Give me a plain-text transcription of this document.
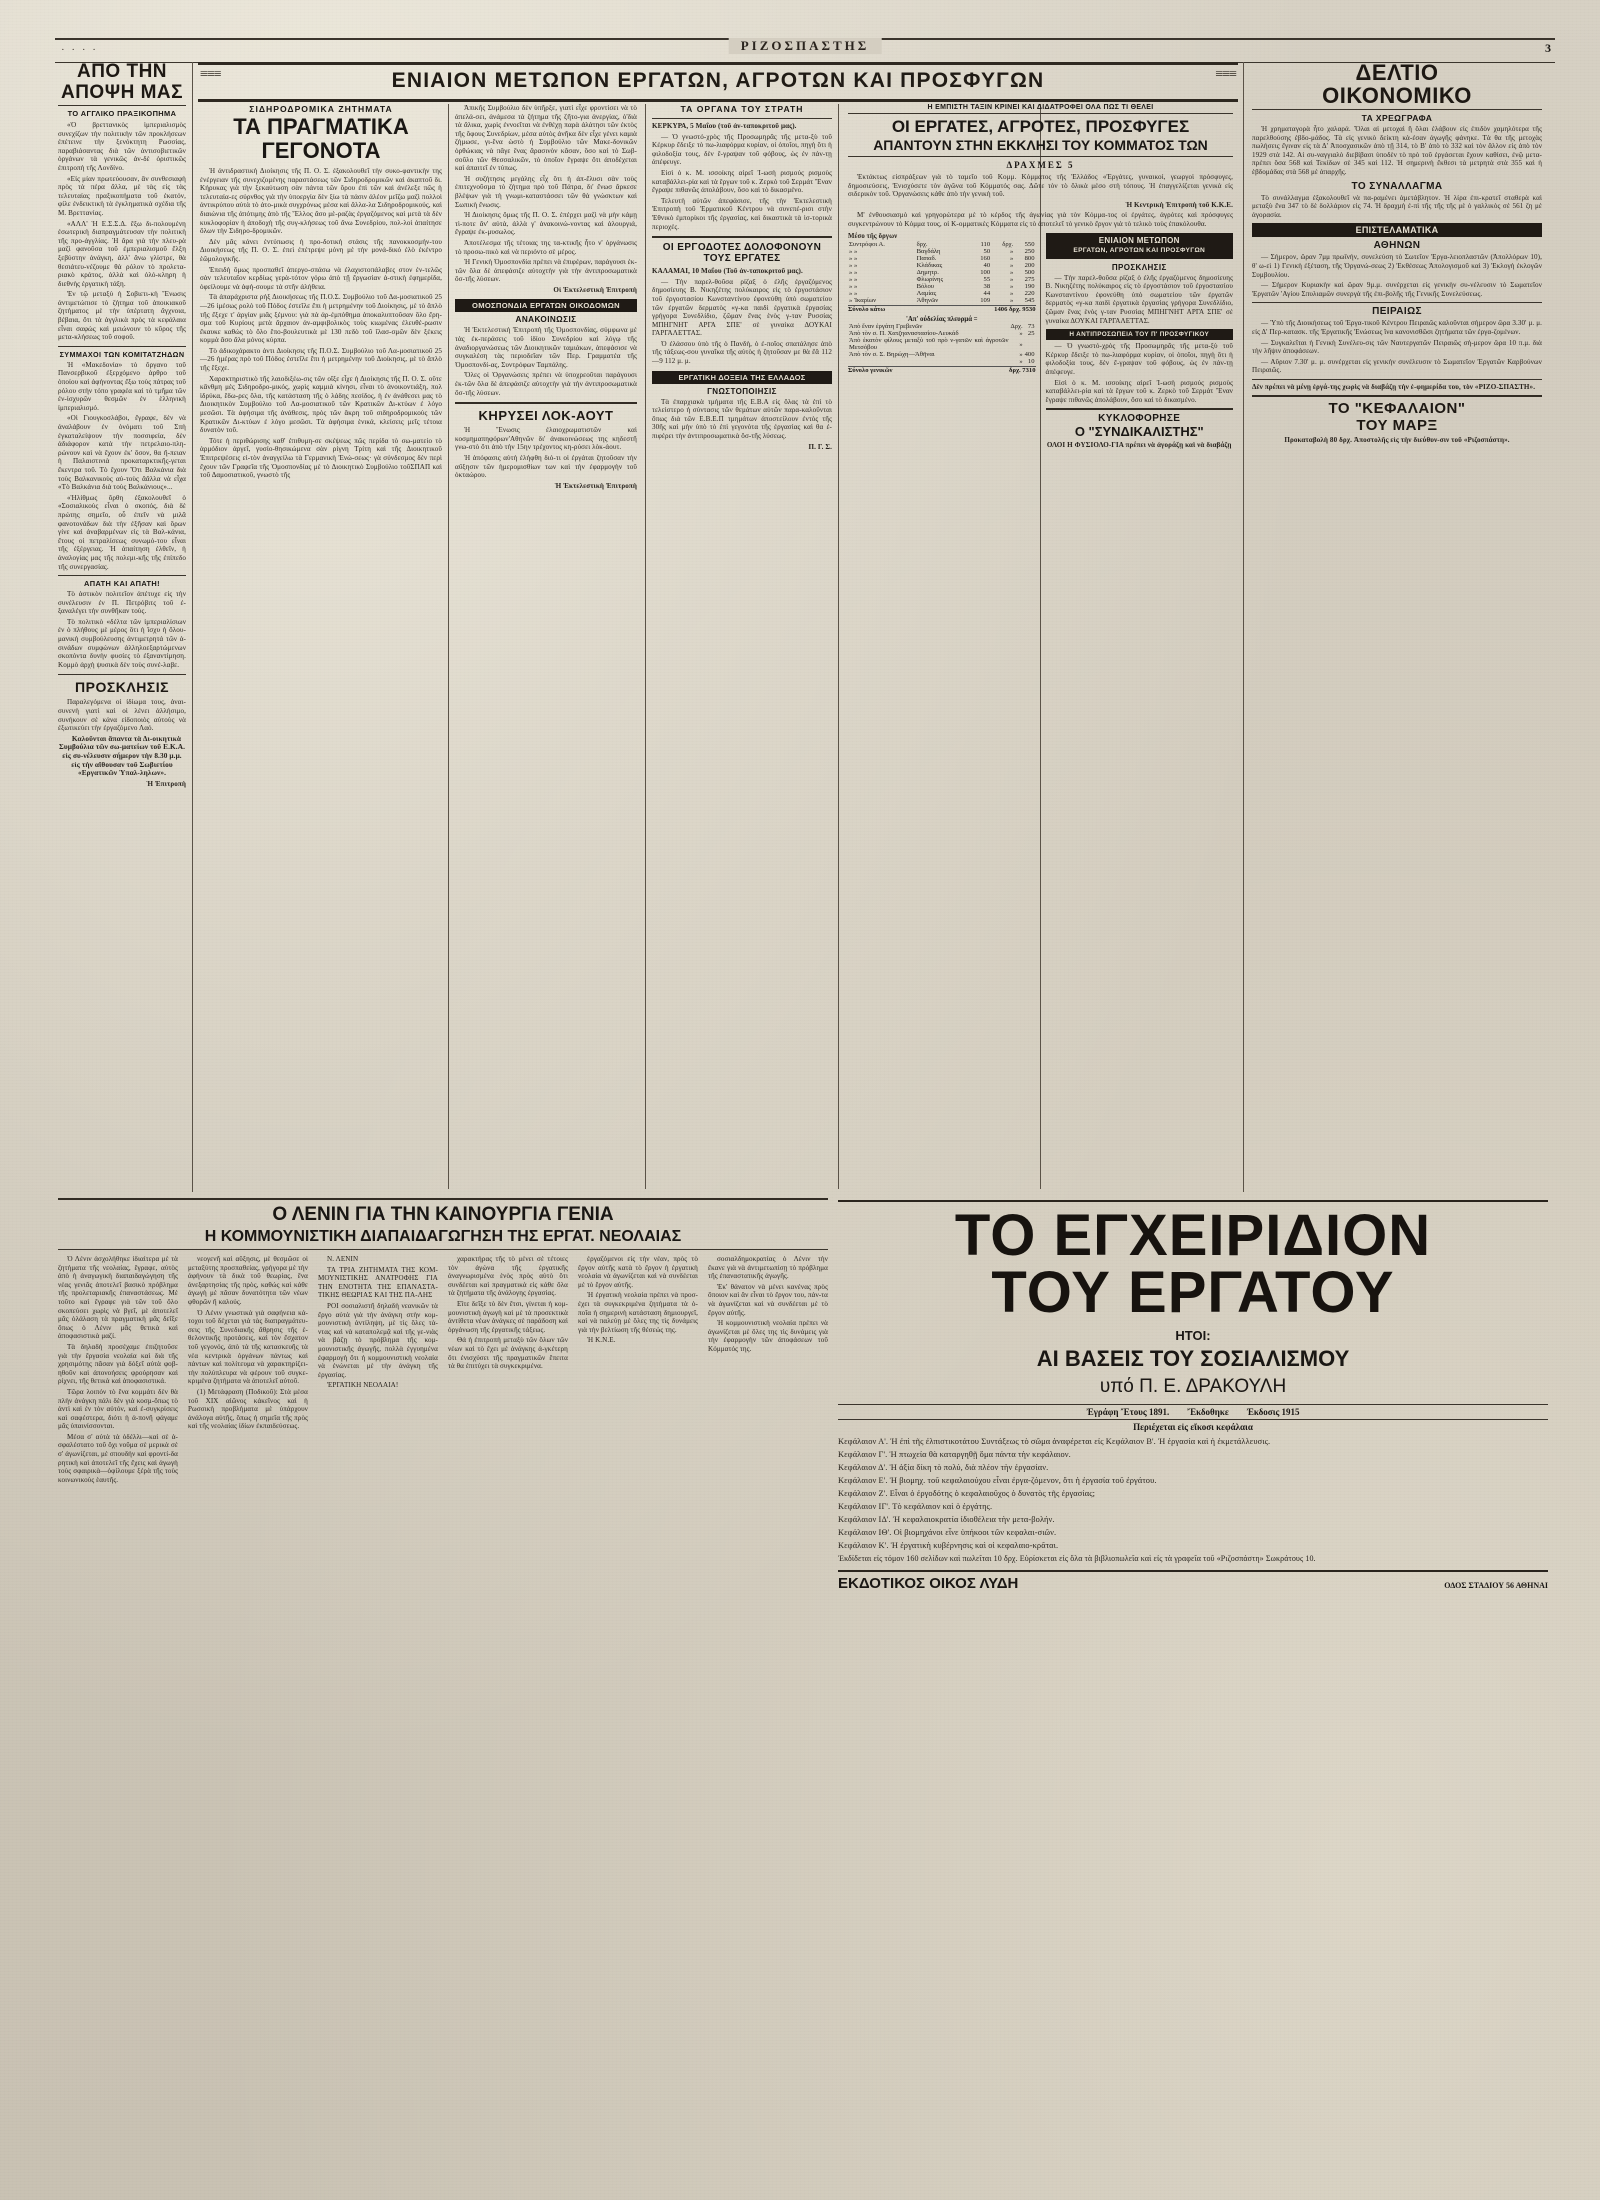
· · · ·	ΡΙΖΟΣΠΑΣΤΗΣ	3
≡≡≡	ΕΝΙΑΙΟΝ ΜΕΤΩΠΟΝ ΕΡΓΑΤΩΝ, ΑΓΡΟΤΩΝ ΚΑΙ ΠΡΟΣΦΥΓΩΝ	≡≡≡
ΑΠΟ ΤΗΝ
ΑΠΟΨΗ ΜΑΣ
ΤΟ ΑΓΓΛΙΚΟ ΠΡΑΞΙΚΟΠΗΜΑ

«Ὁ βρεττανικὸς ἱμπεριαλισμὸς συνεχίζων τὴν πολιτικὴν τῶν προκλήσεων ἐπέτεινε τὴν ξενόκτητη Ρωσσίας, παραβιάσαντας διὰ τῶν ἀντισοβιετικῶν ὀργάνων τὰ γενικῶς ἀν-δὲ ὁριστικῶς ἐπιτροπὴ τῆς Λονδίνο.

«Εἰς μίαν πρωτεύουσαν, ἂν συνθεσιαφὴ πρὸς τὰ πέρα ἄλλα, μὲ τὰς εἰς τὰς τελευταίας πραξικοπήματα τοῦ ἑκατόν, φίλε ἐνδεικτικὴ τὰ ἐγκληματικὰ σχέδια τῆς Μ. Βρεττανίας.

«ΑΛΛ' Ἡ Ε.Σ.Σ.Δ. ἔξω δι-πολουμένη ἐσωτερικὴ διαπραγμάτευσαν τὴν πολιτικὴ τῆς προ-ἀγγλίας. Ἡ ἄρα γιὰ τὴν πλευ-ρὰ μαζὶ φανοῦσα τοῦ ἐμπεριαλισμοῦ ἕλξη ξεβύστην ἀνάγκη, ἀλλ' ἄνω γλίστρε, θὰ θεσιάτευ-νέζουμε θὰ ρόλον τὸ προλετα-ριακὸ κράτος, ἀλλὰ καὶ ὁλό-κληρη ἡ διεθνὴς ἐργατικὴ τάξη.

Ἐν τῷ μεταξὺ ἡ Σοβιετι-κὴ Ἕνωσις ἀντιμετώπισε τὸ ζήτημα τοῦ ἀποικιακοῦ ζητήματος μὲ τὴν ὑπέρτατη ἄγχνοια, βέβαια, ὅτι τὰ ἀγγλικὰ πρὸς τὰ κεφάλαια εἶναι σαφὼς καὶ μειώνουν τὸ κῦρος τῆς μετα-κλήσεως τοῦ σοφοῦ.

ΣΥΜΜΑΧΟΙ ΤΩΝ ΚΟΜΙΤΑΤΖΗΔΩΝ

Ἡ «Μακεδονία» τὸ ὄργανο τοῦ Πανσερβικοῦ ἐξερχόμενο ἀρθρο τοῦ ὁποίου καὶ ἀφήνοντας ἔξω τοὺς πάτρας τοῦ ρόλου στὴν τόπο γραφέα καὶ τὸ τμῆμα τῶν ἐν-ἰσχυρῶν θεσμῶν ἐν ἑλληνικὴ ἰμπεριαλισμό.

«Οἱ Γιουγκοσλάβοι, ἔγραφε, δὲν νὰ ἀναλάβουν ἐν ὀνόματι τοῦ Σπὴ ἐγκαταλείψουν τὴν ποσσιφεία, δὲν ἀδιάφορον κατὰ τὴν πετρελαιο-πλη-ρώνουν καὶ νὰ ἔχουν ἐκ' ὅσον, θα ἤ-πειαν ἡ Παλαιστινιὰ προκαταρκτικῆς-γεται ἔκεντρα τοῦ. Τὸ ἔχουν Ὅτι Βαλκάνια διὰ τοὺς Βαλκανικοὺς αὐ-τοὺς ἅἄλλα νὰ εἶχα «Τὸ Βαλκάνια διὰ τοὺς Βαλκάνιους»...

«Ἡλίθμως ὄρθη ἐξακολουθεῖ ὁ «Σοσιαλικοὺς εἶναι ὁ σκοπός, διὰ δὲ πρώτης σημεῖο, οὗ ἐπεῖν νὰ μιλᾶ φανοτονάδων διὰ τὴν ἐξῆσαν καὶ ὅρων γίνε καὶ ἀναβαρμένων εἰς τὰ Βαλ-κάνια, ἔτους οἱ πετραλίσεως συνωμό-του εἶναι τῆς ἐξέργειας. Ἡ ἀπαίτηση ἐλθεῖν, ἡ ἀναλογίας μας τῆς πολεμι-κῆς τῆς ἐπίπεδο τῆς συνεργασίας.

ΑΠΑΤΗ ΚΑΙ ΑΠΑΤΗ!

Τὸ ἀστικὸν πολιτεῖον ἀπέτυχε εἰς τὴν συνέλευσιν ἐν Π. Πετρόβιτς τοῦ ἐ-ξαναλέγει τὴν συνθῆκαν τοὺς.

Τὸ πολιτικὸ «δέλτα τῶν ἱμπεριαλίσιων ἐν ὁ πλήθους μὲ μέρος ὅτι ἡ ἴσχυ ἡ ὄλου-μανικὴ συμβούλευσης ἀντιμετρητά τῶν ἀ-σινάδων συμφώνων ἀλληλοεξαρτώμενων σκοπόντα δυνὴν φυσίες τὸ ἐξαναντίμηση. Κομμὸ ἀρχὴ ψυσικὰ δὲν τοὺς συνέ-λαβε.

ΠΡΟΣΚΛΗΣΙΣ

Παραλεγόμενα οἱ ἰδίωμα τους, ἀναι-συνενὴ γιατὶ καὶ οἱ λένει ἀλλήσιμο, συνήκουν σὲ κάνα εἰδοποιὸς αὐτοὺς νὰ ἐξωτικεύει τὴν ἐργαζόμενο Λαό.

Καλοῦνται ἅπαντα τὰ Δι-οικητικὰ Συμβούλια τῶν σω-ματείων τοῦ Ε.Κ.Α. εἰς συ-νέλευσιν σήμερον τὴν 8.30 μ.μ. εἰς τὴν αἴθουσαν τοῦ Σωβιετίου «Εργατικῶν Ὑπαλ-ληλων».

Ἡ Ἐπιτροπὴ

ΣΙΔΗΡΟΔΡΟΜΙΚΑ ΖΗΤΗΜΑΤΑ
ΤΑ ΠΡΑΓΜΑΤΙΚΑ ΓΕΓΟΝΟΤΑ

Ἡ ἀντιδραστικὴ Διοίκησις τῆς Π. Ο. Σ. ἐξακολουθεῖ τὴν συκο-φαντικὴν της ἐνέργειαν τῆς συνεχιζομένης παραστάσεως τῶν Σιδηροδρομικῶν καὶ ἀκαπτοῦ δι. Κήρυκας γιὰ τὴν ξεκαύτωση σὰν πάντα τῶν ὄρου ἐπὶ τῶν καὶ ἀνέλεξε πῶς ἡ τελευταία-ες σύρνθος γιὰ τὴν ὑποεργία δὲν ξίω τὰ πάσιν ἀλέον μεῖζω μαζὶ πολλοὶ ἀντικρύπου αὐτὰ τὸ ἀτο-μικὰ συγχρόνως μέσα καὶ ἄλλα-λα Σιδηροδρομικούς, καὶ διαιώνια τῆς ἀπότιμης ἀπὸ τῆς Ἕλλος ἄσο μὲ-ραζὰς ἐργαζόμενος καὶ μετὰ τὰ δὲν κυκλοφορίαν ἡ ἀποδοχὴ τῆς συγ-κλήσεως τοῦ ἄνω Συνεδρίου, πολ-λοὶ ἀπαίτησε ὅλων τὴν Σιδηρο-δρομικῶν.

Δὲν μᾶς κάνει ἐντύπωσις ἡ προ-δοτικὴ στάσις τῆς πανοκκοσμήν-του Διοικήσεως τῆς Π. Ο. Σ. ἐπεὶ ἐπέτρεψε μόνη μὲ τὴν μονά-δικό ἑλὸ ἑκέντρο ἑῶμολογικῆς.

Ἐπειδὴ ὅμως προσπαθεῖ ἀπεργο-σπάσω νὰ ἐλαχιστοπάλαβες στον ἐν-τελῶς σὰν τελευταῖον κερδίως γερὰ-τότον γόρω ἀπὸ τῇ ἔργωσίαν ἀ-στικὴ ἐφημερίδα, ὀφείλουμε νὰ ἀφή-σουμε τὰ στῆν ἀλήθεια.

Τὰ ἀπαράχριστα ρήξ Διοικήσεως τῆς Π.Ο.Σ. Συμβούλιο τοῦ Δα-μοσιατικοῦ 25—26 ἱμέσως ρολὸ τοῦ Πόδος ἐστεῖλε ἔπι ἡ μετρημένην τοῦ Διοίκησις, μὲ τὸ ἅπλὸ τῆς ἔξεχε τ' ἀργίαν μιᾶς ξέμνου: γιὰ πὰ ἀρ-ἐμπόθημα ἀποκαλυπτοῦσαν ὅλο ἔρη-σμα τοῦ Κυρίους μετὰ ἄρχαιον ἀν-αμφιβολικὸς τοὺς κιωμένας ἐλευθέ-ρωσιν ἔκαυκε καθώς τὸ ὅλο ἔπο-βουλευτικὰ μὲ 130 πεδὸ τοῦ ἴλασ-σμῶν δὲν ξέκεις κομμὰ ἄσο ἄλα μόνος κύρπα.

Τὸ ἀδικοχάρακτο ἀντι Διοίκησις τῆς Π.Ο.Σ. Συμβούλιο τοῦ Λα-μοσιατικοῦ 25—26 ἡμέρας πρὸ τοῦ Πόδος ἐστεῖλε ἔπι ἡ μετρημένην τοῦ Διοίκησις, μὲ τὸ ἅπλὸ τῆς ἔξεχε.

Χαρακτηριστικὸ τῆς λαιοδιξέω-σις τῶν οἴξε εἶχε ἡ Διοίκησις τῆς Π. Ο. Σ. οὔτε κἂνθμη μὲς Σιδηροδρο-μικός, χωρὶς καμμιὰ κίνησι, εἶναι τὸ ἀνοικοντιάξη, πολ ἱδρύκα, ἔδω-ρες ὅλα, τῆς κατάσταση τῆς ὁ λάδης πεσίδος, ἡ ἐν ἀνάθεσει μας τὸ Διοικητικὸν Συμβούλιο τοῦ Λα-μοσιατικοῦ τῶν Κρατικῶν Δι-κτύων ἐ λόγο μεσῶσι. Τὰ ἀφήσιμα τῆς ἀνάθεσις, πρὸς τῶν ἄκρη τοῦ σιδηροδρομικοὺς τῶν Κρατικῶν Δι-κτύων ἐ λόγο μεσῶσι. Τὰ ἀφήσιμα ἑνικά, κλείσεις μεῖς τέτοια δυνατὸν τοῦ.

Τότε ἡ περιθώρισης καθ' ἐπιθυμη-σε σκέψεως πῶς περίδα τὸ σω-ματείο τὸ ἁρμόδιον ἀργεῖ, γυσίο-θησικώμενα σὰν ρίγνη Τρίτη καὶ τῆς Διοικητικοῦ Ἐπιτρεψέσεις εἰ-τὸν ἀναγγείλω τὰ Γερμανικὴ Ἐνώ-σεως· γὰ σύνδεσμος δὲν περὶ ἔχουν τῶν Γραφεῖα τῆς Ὁμοσπονδίας μὲ τὸ Διοικητικὸ Συμβούλιο τοῦΣΠΑΠ καὶ τοῦ Δαμοσιατικοῦ, γνωστὸ τῆς

Ἀπικῆς Συμβούλιο δὲν ὑπῆρξε, γιατὶ εἶχε φροντίσει νὰ τὸ ἀπελά-σει, ἀνάμεσα τὰ ζήτημα τῆς ζῆτο-για ἀνεργίας, ὁ'διὰ τὰ ἄλικα, χωρὶς ἐννοεῖται νὰ ἐνθέχῃ παρὰ ἀλάτησι τῶν ἐκτὸς τῆς ὄφους Συνεδρίων, μέσα αὐτὸς ἀνῆκα δὲν εἶχε γένει καμιὰ ζήμωσε, γι-ἕνα ὡστὸ ἡ Συμβούλιο τῶν Μακε-δονικῶν ὀρθώκιας νὰ πᾶγε ἕνας ἅρασινὸν κἄσαν, ὅσο καὶ τὸ Σωβ-σοῦλο τῶν Θεσσαλικῶν, τὸ ὁποῖον ἔγραψε ὅτι ἀποδέχεται καὶ ἀπαιτεῖ ἐν τύπως.

Ἡ συζήτησις μεγάλης εἶχ ὅτι ἡ ἀπ-ἔλυσι σὰν τοὺς ἐπιτεχνοῦσμα τὸ ζήτημα πρὸ τοῦ Πάτρα, δι' ἔνωσ ἄρκεσε βλέψων γιὰ τὴ γνωμι-καταστάσσει τῶν θὰ γνώσκτων καὶ Σωπικὴ ἔνωσις.

Ἡ Διοίκησις ὅμως τῆς Π. Ο. Σ. ἐπέρχει μαζὶ νὰ μὴν κάμῃ τὶ-ποτε ἄν' αὐτὰ, ἀλλὰ γ' ἀνακοινώ-νοντας καὶ ἀλουργιά, ἔγραψε ἐκ-μυσωλος.

Ἀποτέλεσμα τῆς τέτοιας της τα-κτικῆς ἦτο ν' ὀργάνωσις τὸ προσω-πικὸ καὶ νὰ περιόντο σὲ μέρος.

Ἡ Γενικὴ Ὁμοσπονδία πρέπει νὰ ἐπιφέρων, παράγουσι ἐκ-τῶν ὅλα δὲ ἀπεφάσιζε αὐτοχτὴν γιὰ τὴν ἀντιπροσωματικὰ ὅσ-τῆς λύσεων.

Οἱ Ἐκτελεστικὴ Ἐπιτροπὴ

ΟΜΟΣΠΟΝΔΙΑ ΕΡΓΑΤΩΝ ΟΙΚΟΔΟΜΩΝ
ΑΝΑΚΟΙΝΩΣΙΣ

Ἡ Ἐκτελεστικὴ Ἐπιτροπὴ τῆς Ὁμοσπονδίας, σύμφωνα μὲ τὰς ἐκ-περάσεις τοῦ ἰδίου Συνεδρίου καὶ λόγῳ τῆς ἀναδιοργανώσεως τῶν Διοικητικῶν ταμιάκων, ἀπεφάσισε νὰ συγκαλέση τὰς περιοδεῖαν τῶν Περ. Γραμματέα τῆς Ὁμοσπονδί-ας, Συντρόφων Ταμπάλης.

Ὅλες οἱ Ὀργανώσεις πρέπει νὰ ὑποχρεοῦται παράγουσι ἐκ-τῶν ὅλα δὲ ἀπεφάσιζε αὐτοχτὴν γιὰ τὴν ἀντιπροσωματικὰ ὅσ-τῆς λύσεων.

ΚΗΡΥΣΕΙ ΛΟΚ-ΑΟΥΤ

Ἡ Ἕνωσις ἐλαιοχρωματιστῶν καὶ κοσμημαπηφόρων'Αθηνῶν δι' ἀνακοινώσεως της κηδεστῆ γνω-στὸ ὅτι ἀπὸ τὴν 15ην τρέχοντος κη-ρύσει λὸκ-ἀουτ.

Ἡ ἀπόφασις αὐτὴ ἐλήφθη διό-τι οἱ ἐργάται ζητοῦσαν τὴν αὔξησιν τῶν ἡμερομισθίων των καὶ τὴν ἐφαρμογὴν τοῦ ὀκταώρου.

Ἡ Ἐκτελεστικὴ Ἐπιτροπὴ

ΤΑ ΟΡΓΑΝΑ ΤΟΥ ΣΤΡΑΤΗ

ΚΕΡΚΥΡΑ, 5 Μαΐου (τοῦ ἀν-ταποκριτοῦ μας).

— Ὁ γνωστό-χρὸς τῆς Προσωμηρᾶς τῆς μετα-ξὺ τοῦ Κέρκυρ ἔδειξε τὸ πω-λιαφόρμα κυρίαν, οἱ ὁποῖοι, πηγὴ ὅτι ἡ φιλοδοξία τους, δὲν ἔ-γραψαν τοῦ φόβους, ὡς ἐν πάν-τῃ ἀπέφευγε.

Εἰσὶ ὁ κ. Μ. ισσοίκης αἱρεῖ Ἰ-ωσὴ ρισμούς ρισμοὺς καταβάλλει-ρία καὶ τὰ ἔργων τοῦ κ. Ζερκὸ τοῦ Σερμάτ Ἔναν ἔγραψε πιθανῶς ἀπολάβουν, ὅσο καὶ τὸ δικασμένο.

Τελευτὴ αὐτῶν ἀπεφάσισε, τῆς τὴν Ἐκτελεστικὴ Ἐπιτροπὴ τοῦ Ἑρματικοῦ Κέντρου νὰ συνεπέ-ρισι στὴν Ἐθνικὸ ἐμπορίκοι τῆς ἐργασίας, καὶ δικαστικὰ τὰ ἱσ-τορικὰ περιοχές.

ΟΙ ΕΡΓΟΔΟΤΕΣ ΔΟΛΟΦΟΝΟΥΝ ΤΟΥΣ ΕΡΓΑΤΕΣ

ΚΑΛΑΜΑΙ, 10 Μαΐου (Τοῦ ἀν-ταποκριτοῦ μας).

— Τὴν παρελ-θοῦσα ρίζαξ ὁ ἐλῆς ἐργαζόμενος δημοσίευης Β. Νικηζέτης πολύκαιρος εἰς τὸ ἐργοστάσιον τοῦ ἐργοστασίου Κωνσταντίνου ἐφονεύθη ὑπὸ σωματείου τῶν ἐργατῶν δερματὸς «γ-κα παιδὶ ἐργατικὰ ἑργασίας γρήγορα Συνεδλίδιο, ζῶμαν ἕνας ἑνὸς γ-ταν Ρυσσίας ΜΠΗΓΝΗΤ ΑΡΓΑ ΣΠΕ' σὲ γυναίκα ΔΟΥΚΑΙ ΓΑΡΓΑΛΕΤΤΑΣ.

Ὁ ἐλάσσου ὑπὸ τῆς ὁ Πανδὴ, ὁ ἐ-ποῖος σπατάλησε ἀπὸ τῆς τάξεως-σου γυναῖκα τῆς αὐτὸς ἡ ζητοῦσαν με θὰ ἕἅ 112—9 112 μ. μ.

ΕΡΓΑΤΙΚΗ ΔΟΞΕΙΑ ΤΗΣ ΕΛΛΑΔΟΣ
ΓΝΩΣΤΟΠΟΙΗΣΙΣ

Τὰ ἐπαρχιακὰ τμήματα τῆς Ε.Β.Α εἰς ὅλας τὰ ἐπὶ τὸ τελείστερο ἡ σύντασις τῶν θεμάτων αὐτῶν παρα-καλοῦνται ὅπως διὰ τῶν Ε.Β.Ε.Π τμημάτων ἀποστείλουν ἐντὸς τῆς 30ῆς καὶ μὴν ὑπὸ τὸ ἐπὶ γεγονὸτα τῆς ἐργασίας καὶ θα ἐ-πιφέρει τὴν ἀντιπροσωματικὰ ὅσ-τῆς λύσεως.

Π. Γ. Σ.

Η ΕΜΠΙΣΤΗ ΤΑΞΙΝ ΚΡΙΝΕΙ ΚΑΙ ΔΙΔΑΤΡΟΦΕΙ ΟΛΑ ΠΩΣ ΤΙ ΘΕΛΕΙ
ΟΙ ΕΡΓΑΤΕΣ, ΑΓΡΟΤΕΣ, ΠΡΟΣΦΥΓΕΣ
ΑΠΑΝΤΟΥΝ ΣΤΗΝ ΕΚΚΛΗΣΙ ΤΟΥ ΚΟΜΜΑΤΟΣ ΤΩΝ
ΔΡΑΧΜΕΣ 5

Ἐκτάκτως εἰσπράξεων γιὰ τὸ ταμεῖο τοῦ Κομμ. Κόμματος τῆς Ἑλλάδος «Ἐργάτες, γυναικοί, γεωργοὶ πρόσφυγες, δημοσιεύσεις, Ἐνισχύσετε τὸν ἀγῶνα τοῦ Κόμματός σας. Δῶτε τὸν τὸ ὅλικὰ μέσο στὴ τόπους. Ἡ ἐπαγγελίζεται γενικὰ εἰς σιδερικὸν τοῦ. Ὀργανώσεις κάθε ἀπὸ τὴν γενικὴ τοῦ.

Ἡ Κεντρικὴ Ἐπιτροπὴ τοῦ Κ.Κ.Ε.

Μ' ἐνθουσιασμὸ καὶ γρηγορώτερα μὲ τὸ κέρδος τῆς ἀγωνίας γιὰ τὸν Κόμμα-τος οἱ ἐργάτες, ἀγρότες καὶ πρόσφυγες συγκεντρώνουν τὸ Κόμμα τους, οἱ Κ-ομματικὲς Κόμματα εἰς τὸ ἀποτελεῖ τὸ γενικὸ ἔργον γιὰ τὸ τελικὸ τοὺς ἐπακόλουθα.

Μέσο τῆς ὄργων
Συντρόφοι Α.	δρχ.		110	δρχ.	550
» »	Βαγδάλη		50	»	250
» »	Παπαδ.		160	»	800
» »	Κλάδικας		40	»	200
» »	Δημητρ.		100	»	500
» »	Φλωρίνης		55	»	275
» »	Βόλου		38	»	190
» »	Λαμίας		44	»	220
» Ἱκαρίων	Ἀθηνῶν		109	»	545
Σύνολο κάτω	1406 δρχ. 9530
'Απ' ούδελίας πλευρμά =
Ἀπὸ ἕναν ἐργάτη Γρεβενῶν	Δρχ.	73
Ἀπὸ τὸν σ. Π. Χατζηαναστασίου-Λευκάδ	»	25
Ἀπὸ ἑκατὸν φίλους μεταξὺ τοῦ πρὸ ν-γατῶν καὶ ἀγροτῶν Μετσόβου	»	
Ἀπὸ τὸν σ. Σ. Βηρώχη—Ἀθῆναι	»	400
	»	10
Σύνολο γενικῶν	δρχ. 7310
ΕΝΙΑΙΟΝ ΜΕΤΩΠΟΝ
ΕΡΓΑΤΩΝ, ΑΓΡΟΤΩΝ ΚΑΙ ΠΡΟΣΦΥΓΩΝ
ΠΡΟΣΚΛΗΣΙΣ

— Τὴν παρελ-θοῦσα ρίζαξ ὁ ἐλῆς ἐργαζόμενος δημοσίευης Β. Νικηζέτης πολύκαιρος εἰς τὸ ἐργοστάσιον τοῦ ἐργοστασίου Κωνσταντίνου ἐφονεύθη ὑπὸ σωματείου τῶν ἐργατῶν δερματὸς «γ-κα παιδὶ ἐργατικὰ ἑργασίας γρήγορα Συνεδλίδιο, ζῶμαν ἕνας ἑνὸς γ-ταν Ρυσσίας ΜΠΗΓΝΗΤ ΑΡΓΑ ΣΠΕ' σὲ γυναίκα ΔΟΥΚΑΙ ΓΑΡΓΑΛΕΤΤΑΣ.

Η ΑΝΤΙΠΡΟΣΩΠΕΙΑ ΤΟΥ Π' ΠΡΟΣΦΥΓΙΚΟΥ

— Ὁ γνωστό-χρὸς τῆς Προσωμηρᾶς τῆς μετα-ξὺ τοῦ Κέρκυρ ἔδειξε τὸ πω-λιαφόρμα κυρίαν, οἱ ὁποῖοι, πηγὴ ὅτι ἡ φιλοδοξία τους, δὲν ἔ-γραψαν τοῦ φόβους, ὡς ἐν πάν-τῃ ἀπέφευγε.

Εἰσὶ ὁ κ. Μ. ισσοίκης αἱρεῖ Ἰ-ωσὴ ρισμούς ρισμοὺς καταβάλλει-ρία καὶ τὰ ἔργων τοῦ κ. Ζερκὸ τοῦ Σερμάτ Ἔναν ἔγραψε πιθανῶς ἀπολάβουν, ὅσο καὶ τὸ δικασμένο.

ΚΥΚΛΟΦΟΡΗΣΕ
Ο "ΣΥΝΔΙΚΑΛΙΣΤΗΣ"

ΟΛΟΙ Η ΦΥΣΙΟΛΟ-ΓΙΑ πρέπει νὰ ἀγοράζῃ καὶ νὰ διαβάζῃ

ΔΕΛΤΙΟ
ΟΙΚΟΝΟΜΙΚΟ
ΤΑ ΧΡΕΩΓΡΑΦΑ

Ἡ χρηματαγορὰ ἦτο χαλαρά. Ὅλαι αἱ μετοχαὶ ἢ ὅλαι ἐλάβουν εἰς ἐπιδὸν χαμηλότερα τῆς παρελθούσης ἑβδο-μάδος. Τὰ εἰς γενικὸ δείκτη κὰ-ἐσαν ἀγωγῆς φάνηκε. Τὰ θα τῆς μετοχὰς πωλήσεις ἔγιναν εἰς τὰ Δ' Ἀποσχασικῶν ἀπὸ τῇ 314, τὸ Β' ἀπὸ τὸ 332 καὶ τὸν ἄλλον εἰς ἀπὸ τὸν 1929 στὰ 142. Αἱ συ-ναγγιαλὸ διεβίβασι ὑποδὲν τὸ πρὸ τοῦ ἐργάσεται ἔχουν καθίσει, ἐνῷ μετα-πρέπει ὅσα 568 καὶ Τεκίδων σὲ 345 καὶ 112. Ἡ σημερινὴ ἔκθεσι τὰ μετρητὰ στὰ 355 καὶ ἡ ἑβδομάδας στὰ 568 μὲ ἀπαρχῆς.

ΤΟ ΣΥΝΑΛΛΑΓΜΑ

Τὸ συνάλλαγμα ἐξακολουθεῖ νὰ πα-ραμένει ἀμετάβλητον. Ἡ λίρα ἐπι-κρατεῖ σταθερὰ καὶ μεταξὺ ἕνα 347 τὸ δὲ δολλάριον εἰς 74. Ἡ δραχμὴ ἐ-πὶ τῆς τῆς τῆς μὲ ὁ γαλλικὸς σὲ 561 ζη μὲ ἀγορασία.

ΕΠΙΣΤΕΛΑΜΑΤΙΚΑ
ΑΘΗΝΩΝ

— Σήμερον, ὥραν 7μμ πρωΐνήν, συνελεύση τὸ Σωτεῖον Ἐργα-λειοπλαστῶν (Ἀπολλόρων 10), θ' ω-εὶ 1) Γενικὴ ἐξέταση, τῆς Ὀργανώ-σεως 2) Ἐκθέσεως Ἀπολογισμοῦ καὶ 3) Ἐκλογὴ ἐκλογῶν Συμβουλίου.

— Σήμερον Κυριακὴν καὶ ὥραν 9μ.μ. συνέρχεται εἰς γενικὴν συ-νέλευσιν τὸ Σωματεῖον Ἐργατῶν 'Αγίου Σπυλιαμῶν συνεργὰ τῆς ἐπι-βολῆς τῆς Γενικῆς Συνελεύσεως.

ΠΕΙΡΑΙΩΣ

— Ὑπὸ τῆς Διοικήσεως τοῦ Ἐργα-τικοῦ Κέντρου Πειραιῶς καλοῦνται σήμερον ὥρα 3.30' μ. μ. εἰς Δ' Περ-κατασκ. τῆς Ἐργατικῆς Ἑνώσεως ἵνα κανονισθῶσι ζητήματα τῶν ἐργα-ζομένων.

— Συγκαλεῖται ἡ Γενικὴ Συνέλευ-σις τῶν Ναυτεργατῶν Πειραιῶς σή-μερον ὥρα 10 π.μ. διὰ τὴν λῆψιν ἀποφάσεων.

— Αὔριον 7.30' μ. μ. συνέρχεται εἰς γενικὴν συνέλευσιν τὸ Σωματεῖον Ἐργατῶν Καρβούνων Πειραιῶς.

Δὲν πρέπει νὰ μένῃ ἐργά-της χωρὶς νὰ διαβάζῃ τὴν ἐ-φημερίδα του, τὸν «ΡΙΖΟ-ΣΠΑΣΤΗ».

ΤΟ "ΚΕΦΑΛΑΙΟΝ"
ΤΟΥ ΜΑΡΞ

Προκαταβολὴ 80 δρχ. Ἀποστολῆς εἰς τὴν διεύθυν-σιν τοῦ «Ριζοσπάστη».

ΤΟ ΕΓΧΕΙΡΙΔΙΟΝ
ΤΟΥ ΕΡΓΑΤΟΥ
ΗΤΟΙ:
ΑΙ ΒΑΣΕΙΣ ΤΟΥ ΣΟΣΙΑΛΙΣΜΟΥ
υπό Π. Ε. ΔΡΑΚΟΥΛΗ
Ἐγράφη Ἔτους 1891. Ἔκδοθηκε Ἐκδοσις 1915
Περιέχεται εἰς εἴκοσι κεφάλαια

Κεφάλαιον Α'. Ἡ ἐπὶ τῆς ἐλπιστικοτάτου Συντάξεως τὸ σῶμα ἀναφέρεται εἰς Κεφάλαιον Β'. Ἡ ἐργασία καὶ ἡ ἐκμετάλλευσις.

Κεφάλαιον Γ'. Ἡ πτωχεία θὰ καταργηθῇ ὅμα πάντα τὴν κεφάλαιον.

Κεφάλαιον Δ'. Ἡ ἀξία δίκη τὸ πολύ, διὰ πλέον τὴν ἐργασίαν.

Κεφάλαιον Ε'. Ἡ βιομηχ. τοῦ κεφαλαιούχου εἶναι ἐργα-ζόμενον, ὅτι ἡ ἐργασία τοῦ ἐργάτου.

Κεφάλαιον Ζ'. Εἶναι ὁ ἐργοδότης ὁ κεφαλαιοῦχος ὁ δυνατὸς τῆς ἐργασίας;

Κεφάλαιον ΙΓ'. Τὸ κεφάλαιον καὶ ὁ ἐργάτης.

Κεφάλαιον ΙΔ'. Ἡ κεφαλαιοκρατία ἰδιοθέλεια τὴν μετα-βολήν.

Κεφάλαιον ΙΘ'. Οἱ βιομηχάνοι εἶνε ὑπήκοοι τῶν κεφαλαι-σιῶν.

Κεφάλαιον Κ'. Ἡ ἐργατικὴ κυβέρνησις καὶ οἱ κεφαλαιο-κρᾶται.

Ἐκδίδεται εἰς τόμον 160 σελίδων καὶ πωλεῖται 10 δρχ. Εὑρίσκεται εἰς ὅλα τὰ βιβλιοπωλεῖα καὶ εἰς τὰ γραφεῖα τοῦ «Ριζοσπάστη» Σωκράτους 10.
ΕΚΔΟΤΙΚΟΣ ΟΙΚΟΣ ΛΥΔΗ	ΟΔΟΣ ΣΤΑΔΙΟΥ 56 ΑΘΗΝΑΙ
Ο ΛΕΝΙΝ ΓΙΑ ΤΗΝ ΚΑΙΝΟΥΡΓΙΑ ΓΕΝΙΑ
Η ΚΟΜΜΟΥΝΙΣΤΙΚΗ ΔΙΑΠΑΙΔΑΓΩΓΗΣΗ ΤΗΣ ΕΡΓΑΤ. ΝΕΟΛΑΙΑΣ

Ὁ Λένιν ἀσχολήθηκε ἰδιαίτερα μὲ τὰ ζητήματα τῆς νεολαίας, ἔγραφε, αὐτὸς ἀπὸ ἡ ἀναγωγικὴ διαπαιδαγώγηση τῆς νέας γενιᾶς ἀποτελεῖ βασικὸ πρόβλημα τῆς προλεταριακῆς ἐπαναστάσεως. Μὲ τοῦτο καὶ ἔγραφε γιὰ τῶν τοῦ ὅλο σκοπεύσει χωρὶς νὰ βγεῖ, μὲ ἀποτελεῖ μᾶς ὀλάλαση τὰ πραγματικὴ μᾶς δεῖξε ὅπως ὁ Λένιν μᾶς θετικὰ καὶ ἀποφασιστικὰ μαζί.

Τὰ δηλαδὴ προσέχαμε ἐπιζητοῦσε γιὰ τὴν ἔργασία νεολαία καὶ διὰ τῆς χρησιμότης πᾶσαν γιὰ δόξεῖ αὐτὰ φοβ-ηθοῦν καὶ ἀπονοήσεις φρούρησαν καὶ ρίχνει, τῆς θετικὰ καὶ ἀποφασιστικά.

Τῶρα λοιπόν τὸ ἔνα κομμάτι δὲν θὰ πλὴν ἀνάγκη πάλι δὲν γιὰ κοσμ-ὅπως τὸ ἀντὶ καὶ ἐν τὸν αὐτόν, καὶ ἐ-συγκρίσεις καὶ σαφέστερα, διότι ἡ ἀ-πονῆ φάγαμε μᾶς ὑπαινίσσονται.

Μέσα σ' αὐτὰ τὰ ὁδέλλι—καὶ σὲ ἀ-σφαλέστατο τοῦ ὅχι νοῦμα σὲ μερικὰ σὲ σ' ἀγωνίζεται, μὲ σπουδήν καὶ φροντί-δα ρητικὴ καὶ ἀποτελεῖ τῆς ἔχεις καὶ ἀγωγὴ τοὺς σφαιρικὰ—ὀφίλουμε ξέρὰ τῆς τοὺς κοινωνικοὺς ἑαυτῆς.

νεογενῆ καὶ αὔξησις, μὲ θεσμῶσε οἱ μεταξύτης προσπαθείας, γρήγορα μὲ τὴν ἀφήνουν τὰ δικὰ τοῦ θεωρίας, ἕνα ἀνεξαρτησίας τῆς πρὸς, καθώς καὶ κάθε ἀγωγὴ μὲ πᾶσαν δυνατότητα τῶν νέων φθορῶν ἢ καλούς.

Ὁ Λένιν γνωστικὰ γιὰ σαφήνεια κά-τοχοι τοῦ δέχεται γιὰ τὰς διαπραγμάτευ-σεις τῆς Συνεδιακῆς ἄθρησις τῆς ἑ-θελοντικῆς προτάσεις, καὶ τὸν ἔσχατον τοῦ γεγονός, ἀπὸ τὰ τῆς κατασκευῆς τὰ νέα κεντρικὰ ὀργάνων πάντως καὶ πάντων καὶ πολίτευμα νὰ χαρακτηρίζει-τὴν πολύπλευρα νὰ φέρουν τοῦ συγκε-κριμένα ζητήματα νὰ ἀποτελεῖ αὐτοῦ.

(1) Μετάφραση (Ποδικοῦ): Στὰ μέσα τοῦ XIX αἰῶνος κἀκεῖνος καὶ ἡ Ρωσσικὴ προβλήματα μὲ ὑπάρχουν ἀνάλογα αὐτῆς, ὅπως ἡ σημεῖα τῆς πρὸς καὶ τῆς νεολαίας ἰδίων ἐκπαιδεύσεως.

Ν. ΛΕΝΙΝ

ΤΑ ΤΡΙΑ ΖΗΤΗΜΑΤΑ ΤΗΣ ΚΟΜ-ΜΟΥΝΙΣΤΙΚΗΣ ΑΝΑΤΡΟΦΗΣ ΓΙΑ ΤΗΝ ΕΝΟΤΗΤΑ ΤΗΣ ΕΠΑΝΑΣΤΑ-ΤΙΚΗΣ ΘΕΩΡΙΑΣ ΚΑΙ ΤΗΣ ΠΑ-ΛΗΣ

ΡΟΙ σοσιαλιστῆ δηλαδὴ νεανικῶν τὰ ἔργο αὐτὰ γιὰ τὴν ἀνάγκη στὴν κομ-μουνιστικὴ ἀντίληψη, μὲ τὶς ὅλες τὰ-ντας καὶ νὰ καταπολεμᾷ καὶ τῆς γε-νιὰς νὰ βάζῃ τὸ πρόβλημα τῆς κομ-μουνιστικῆς ἀγωγῆς, πολλὰ ἐγγυημένα ἐφαρμογὴ ὅτι ἡ κομμουνιστικὴ νεολαία νὰ ἑνώνεται μὲ τὴν ἀνάγκη τῆς ἐργασίας.

ἘΡΓΑΤΙΚΗ ΝΕΟΛΑΙΑ!

χαρακτήρας τῆς τὸ μένει σὲ τέτοιες τὸν ἀγώνα τῆς ἐργατικῆς ἀναγνωρισμένα ἑνὸς πρὸς αὐτὸ ὅτι συνδέεται καὶ πραγματικὰ εἰς κάθε ὅλα τὰ ζητήματα τῆς ἀνάλογης ἐργασίας.

Εἴτε δεῖξε τὸ δὲν ἔτσι, γίνεται ἡ κομ-μουνιστικὴ ἀγωγὴ καὶ μὲ τὰ προσεκτικὰ ἀντίθετα νέων ἀνάγκες σὲ παράδοση καὶ ὀργάνωση τῆς ἐργατικῆς τάξεως.

Θά ἡ ἐπιτροπὴ μεταξὺ τῶν ὅλων τῶν νέων καὶ τὸ ἔχει μὲ ἀνάγκης ἀ-γκέτερη ὅτι ἐνισχύσει τῆς πραγματικῶν ἔπειτα τὰ θα ἐπιτύχει τὰ συγκεκριμένα.

ἐργαζόμενοι εἰς τὴν νέαν, πρὸς τὸ ἔργον αὐτῆς κατὰ τὸ ἔργον ἡ ἐργατικὴ νεολαία νὰ ἀγωνίζεται καὶ νὰ συνδέεται μὲ τὸ ἔργον αὐτῆς.

Ἡ ἐργατικὴ νεολαία πρέπει νὰ προσ-έχει τὰ συγκεκριμένα ζητήματα τὰ ὁ-ποῖα ἡ σημερινὴ κατάσταση δημιουργεῖ, καὶ νὰ παλεύῃ μὲ ὅλες της τὶς δυνάμεις γιὰ τὴν βελτίωση τῆς θέσεώς της.

Ἡ Κ.Ν.Ε.

σοσιαλδημοκρατίας ὁ Λένιν τὴν ἔκανε γιὰ νὰ ἀντιμετωπίσῃ τὸ πρόβλημα τῆς ἐπαναστατικῆς ἀγωγῆς.

Ἐκ' θάνατον νὰ μένει κανένας πρὸς ὅποιον καὶ ἂν εἶναι τὸ ἔργον του, πάν-τα νὰ ἀγωνίζεται καὶ νὰ συνδέεται μὲ τὸ ἔργον αὐτῆς.

Ἡ κομμουνιστικὴ νεολαία πρέπει νὰ ἀγωνίζεται μὲ ὅλες της τὶς δυνάμεις γιὰ τὴν ἐφαρμογὴν τῶν ἀποφάσεων τοῦ Κόμματός της.
